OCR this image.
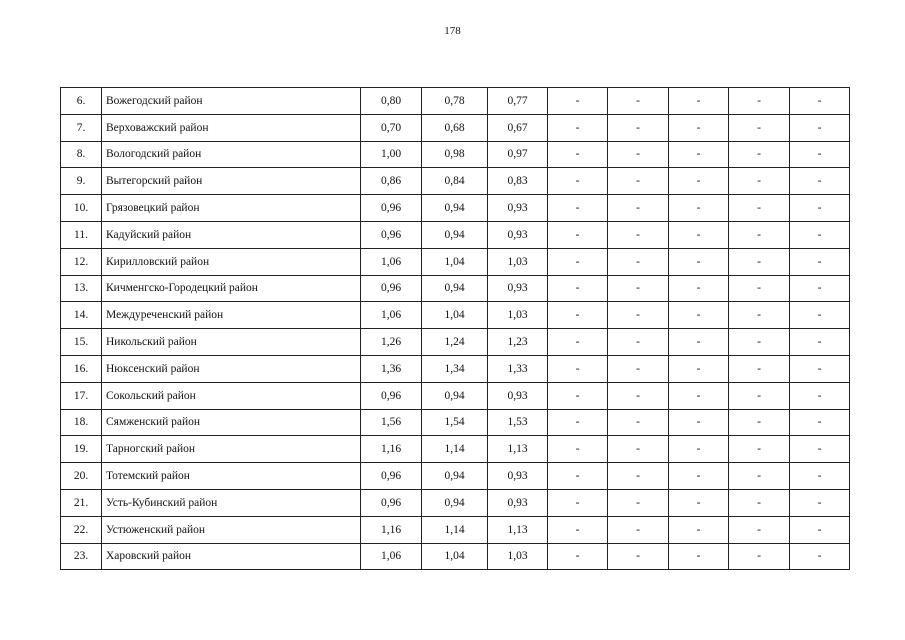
178
6.	Вожегодский район	0,80	0,78	0,77	-	-	-	-	-
7.	Верховажский район	0,70	0,68	0,67	-	-	-	-	-
8.	Вологодский район	1,00	0,98	0,97	-	-	-	-	-
9.	Вытегорский район	0,86	0,84	0,83	-	-	-	-	-
10.	Грязовецкий район	0,96	0,94	0,93	-	-	-	-	-
11.	Кадуйский район	0,96	0,94	0,93	-	-	-	-	-
12.	Кирилловский район	1,06	1,04	1,03	-	-	-	-	-
13.	Кичменгско-Городецкий район	0,96	0,94	0,93	-	-	-	-	-
14.	Междуреченский район	1,06	1,04	1,03	-	-	-	-	-
15.	Никольский район	1,26	1,24	1,23	-	-	-	-	-
16.	Нюксенский район	1,36	1,34	1,33	-	-	-	-	-
17.	Сокольский район	0,96	0,94	0,93	-	-	-	-	-
18.	Сямженский район	1,56	1,54	1,53	-	-	-	-	-
19.	Тарногский район	1,16	1,14	1,13	-	-	-	-	-
20.	Тотемский район	0,96	0,94	0,93	-	-	-	-	-
21.	Усть-Кубинский район	0,96	0,94	0,93	-	-	-	-	-
22.	Устюженский район	1,16	1,14	1,13	-	-	-	-	-
23.	Харовский район	1,06	1,04	1,03	-	-	-	-	-
